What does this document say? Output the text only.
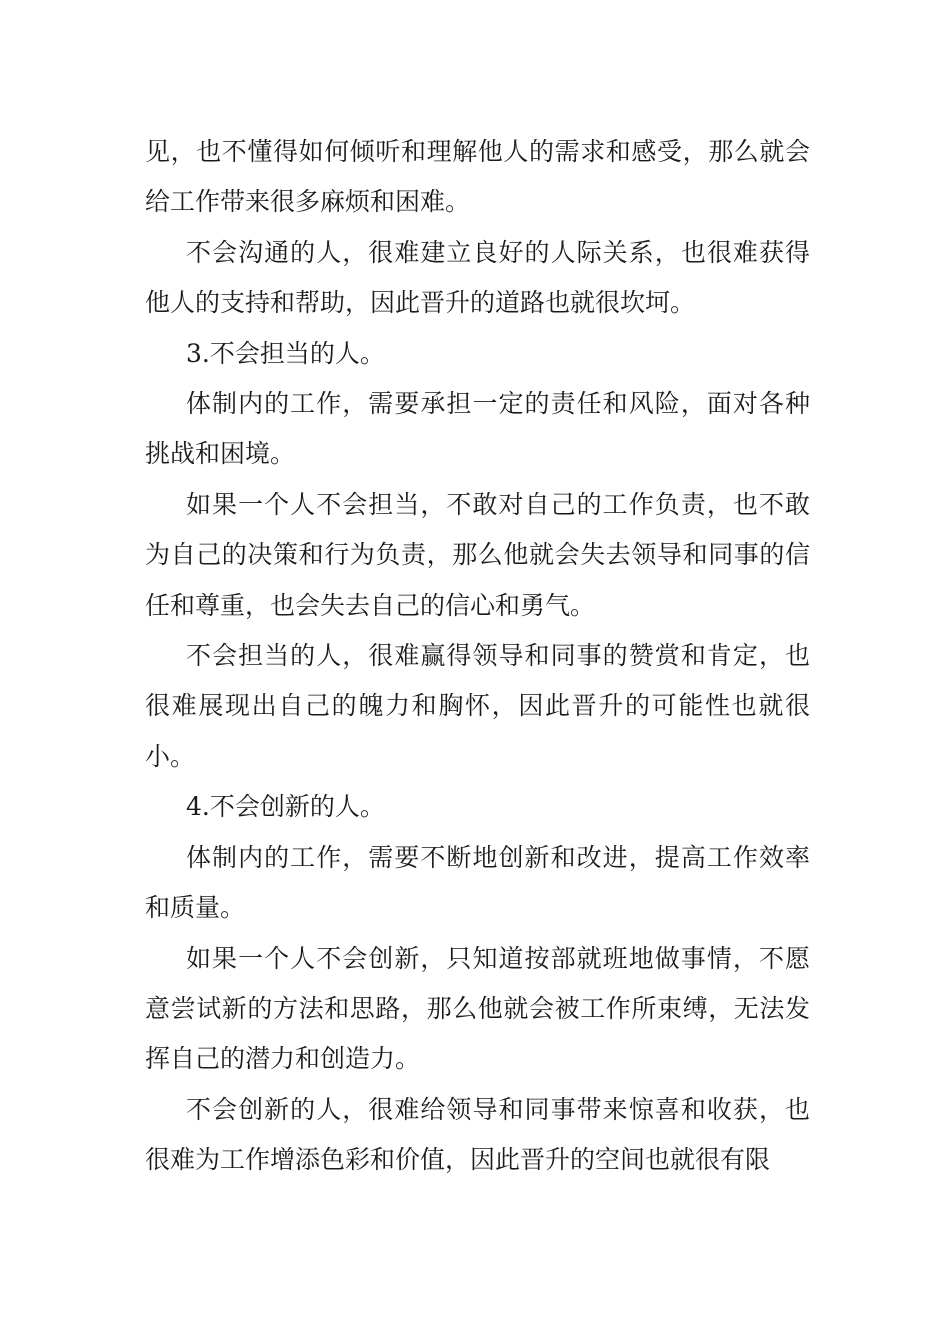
见，也不懂得如何倾听和理解他人的需求和感受，那么就会给工作带来很多麻烦和困难。

不会沟通的人，很难建立良好的人际关系，也很难获得他人的支持和帮助，因此晋升的道路也就很坎坷。

3.不会担当的人。

体制内的工作，需要承担一定的责任和风险，面对各种挑战和困境。

如果一个人不会担当，不敢对自己的工作负责，也不敢为自己的决策和行为负责，那么他就会失去领导和同事的信任和尊重，也会失去自己的信心和勇气。

不会担当的人，很难赢得领导和同事的赞赏和肯定，也很难展现出自己的魄力和胸怀，因此晋升的可能性也就很小。

4.不会创新的人。

体制内的工作，需要不断地创新和改进，提高工作效率和质量。

如果一个人不会创新，只知道按部就班地做事情，不愿意尝试新的方法和思路，那么他就会被工作所束缚，无法发挥自己的潜力和创造力。

不会创新的人，很难给领导和同事带来惊喜和收获，也很难为工作增添色彩和价值，因此晋升的空间也就很有限
